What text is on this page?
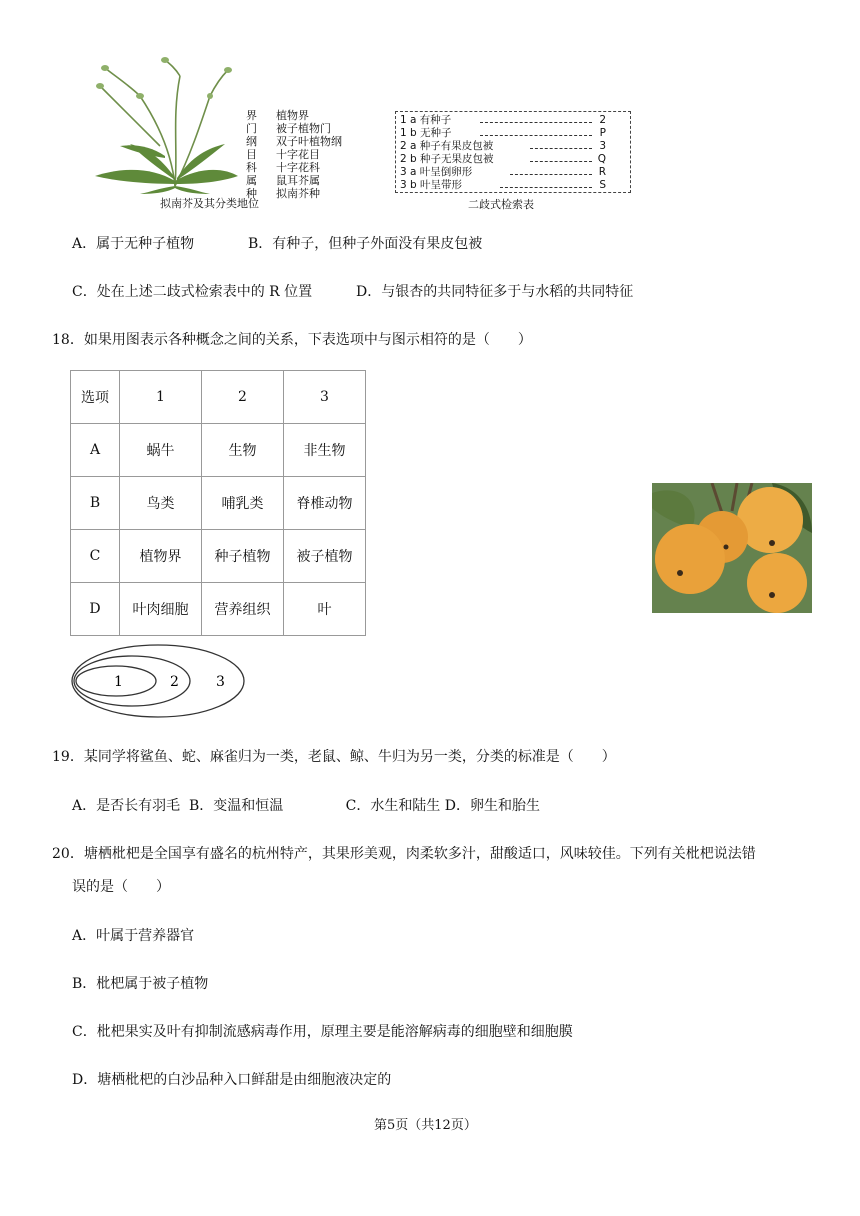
界	植物界
门	被子植物门
纲	双子叶植物纲
目	十字花目
科	十字花科
属	鼠耳芥属
种	拟南芥种
拟南芥及其分类地位
1 a 有种子	2
1 b 无种子	P
2 a 种子有果皮包被	3
2 b 种子无果皮包被	Q
3 a 叶呈倒卵形	R
3 b 叶呈带形	S
二歧式检索表
A．属于无种子植物	B．有种子，但种子外面没有果皮包被
C．处在上述二歧式检索表中的 R 位置	D．与银杏的共同特征多于与水稻的共同特征
18．如果用图表示各种概念之间的关系，下表选项中与图示相符的是（　　）
选项	1	2	3
A	蜗牛	生物	非生物
B	鸟类	哺乳类	脊椎动物
C	植物界	种子植物	被子植物
D	叶肉细胞	营养组织	叶
1	2	3
19．某同学将鲨鱼、蛇、麻雀归为一类，老鼠、鲸、牛归为另一类，分类的标准是（　　）
A．是否长有羽毛  B．变温和恒温              C．水生和陆生 D．卵生和胎生
20．塘栖枇杷是全国享有盛名的杭州特产，其果形美观，肉柔软多汁，甜酸适口，风味较佳。下列有关枇杷说法错
误的是（　　）
A．叶属于营养器官
B．枇杷属于被子植物
C．枇杷果实及叶有抑制流感病毒作用，原理主要是能溶解病毒的细胞壁和细胞膜
D．塘栖枇杷的白沙品种入口鲜甜是由细胞液决定的
第5页（共12页）
